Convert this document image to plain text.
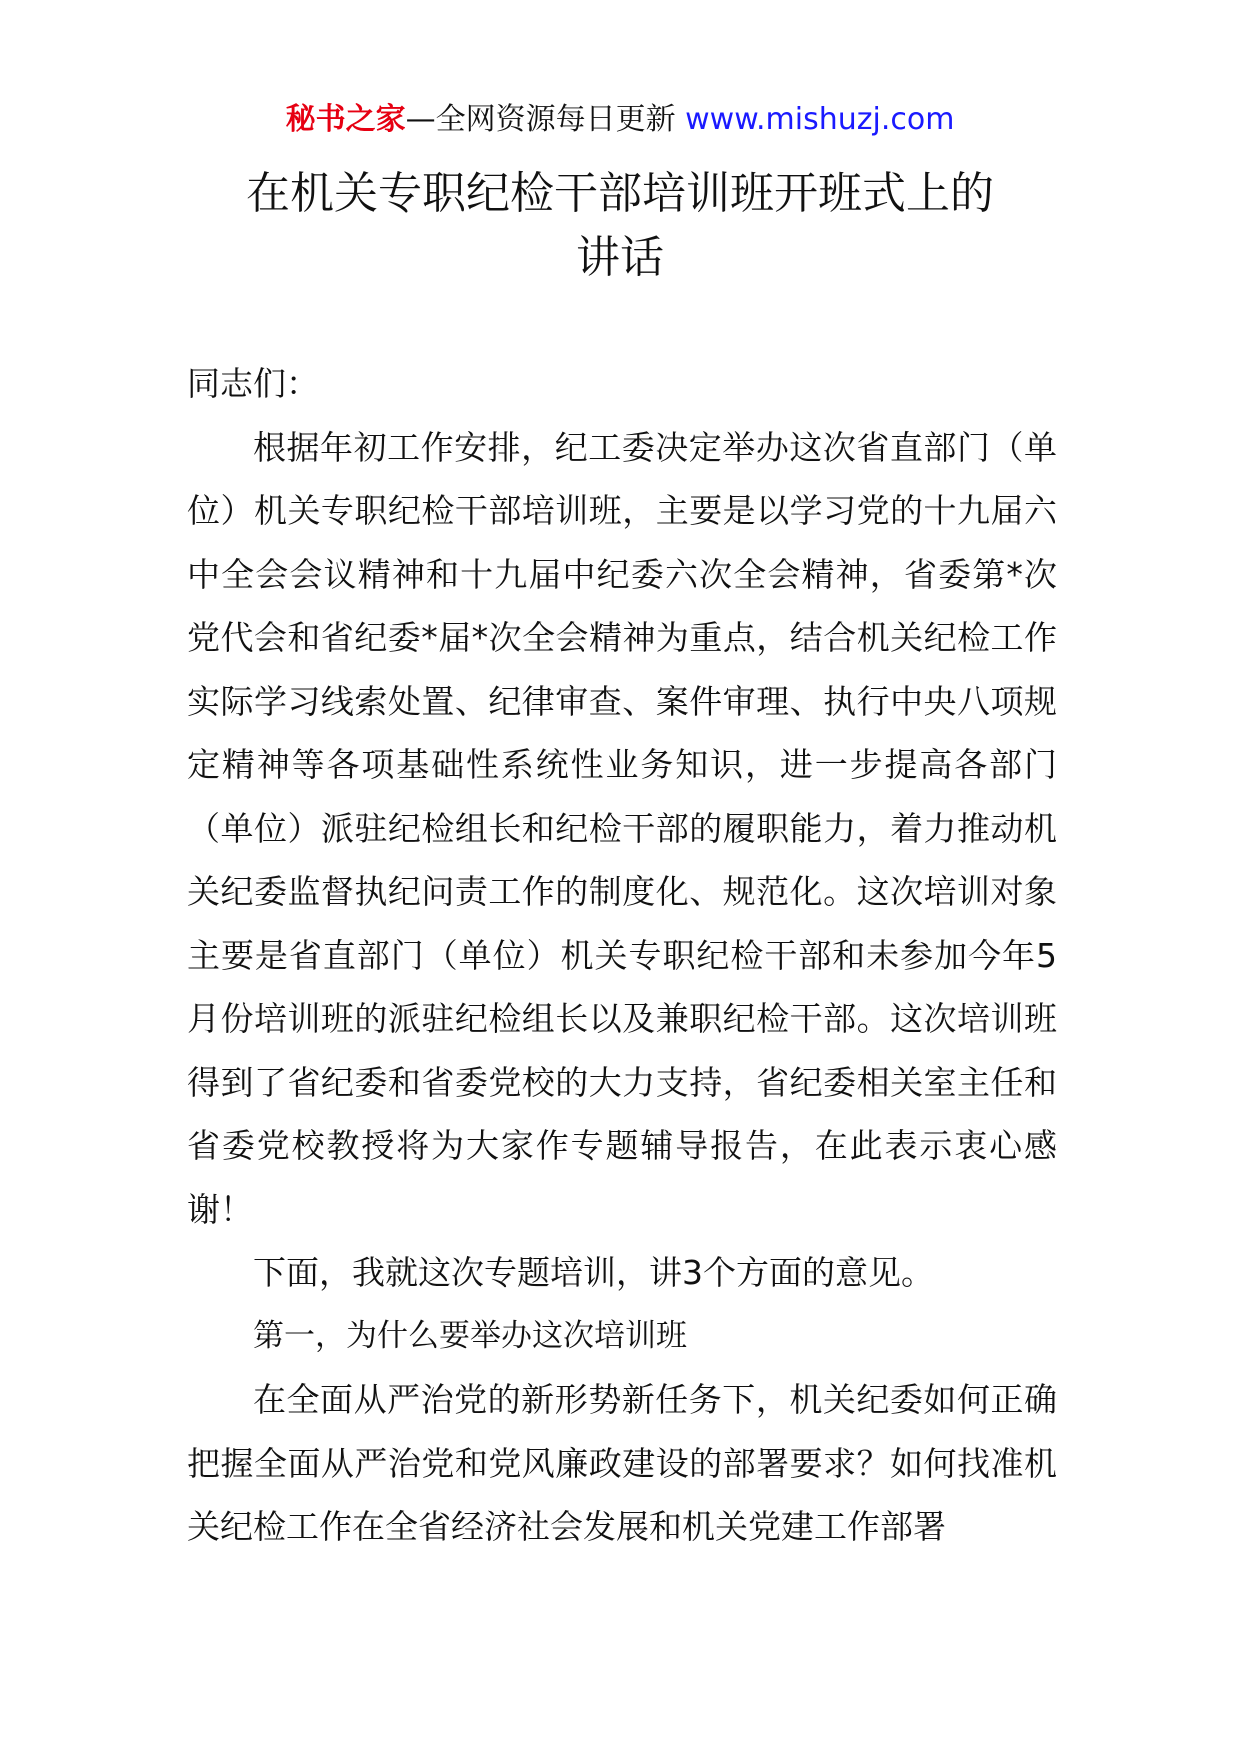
秘书之家—全网资源每日更新 www.mishuzj.com
在机关专职纪检干部培训班开班式上的
讲话

同志们：

根据年初工作安排，纪工委决定举办这次省直部门（单位）机关专职纪检干部培训班，主要是以学习党的十九届六中全会会议精神和十九届中纪委六次全会精神，省委第*次党代会和省纪委*届*次全会精神为重点，结合机关纪检工作实际学习线索处置、纪律审查、案件审理、执行中央八项规定精神等各项基础性系统性业务知识，进一步提高各部门（单位）派驻纪检组长和纪检干部的履职能力，着力推动机关纪委监督执纪问责工作的制度化、规范化。这次培训对象主要是省直部门（单位）机关专职纪检干部和未参加今年5月份培训班的派驻纪检组长以及兼职纪检干部。这次培训班得到了省纪委和省委党校的大力支持，省纪委相关室主任和省委党校教授将为大家作专题辅导报告，在此表示衷心感谢！

下面，我就这次专题培训，讲3个方面的意见。

第一，为什么要举办这次培训班

在全面从严治党的新形势新任务下，机关纪委如何正确把握全面从严治党和党风廉政建设的部署要求？如何找准机关纪检工作在全省经济社会发展和机关党建工作部署
